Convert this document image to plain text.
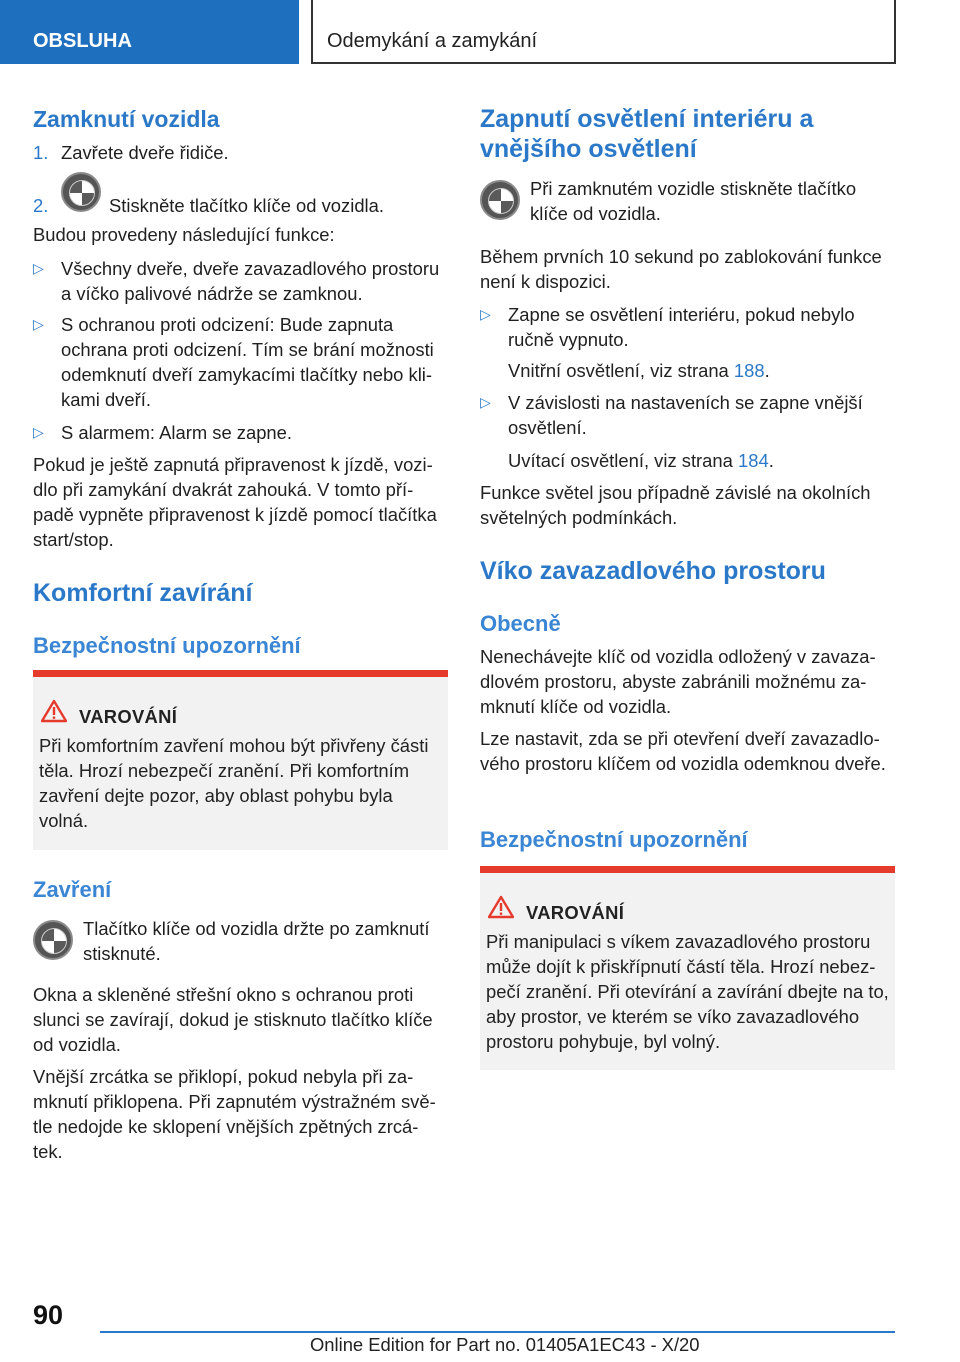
OBSLUHA	Odemykání a zamykání
Zamknutí vozidla
1. Zavřete dveře řidiče.
2.	Stiskněte tlačítko klíče od vozidla.
Budou provedeny následující funkce:
▷ Všechny dveře, dveře zavazadlového prostoru a víčko palivové nádrže se zamknou.
▷ S ochranou proti odcizení: Bude zapnuta ochrana proti odcizení. Tím se brání možnosti odemknutí dveří zamykacími tlačítky nebo kli-kami dveří.
▷ S alarmem: Alarm se zapne.
Pokud je ještě zapnutá připravenost k jízdě, vozi-dlo při zamykání dvakrát zahouká. V tomto pří-padě vypněte připravenost k jízdě pomocí tlačítka start/stop.
Komfortní zavírání
Bezpečnostní upozornění
VAROVÁNÍ
Při komfortním zavření mohou být přivřeny části těla. Hrozí nebezpečí zranění. Při komfortním zavření dejte pozor, aby oblast pohybu byla volná.
Zavření
Tlačítko klíče od vozidla držte po zamknutí stisknuté.
Okna a skleněné střešní okno s ochranou proti slunci se zavírají, dokud je stisknuto tlačítko klíče od vozidla.
Vnější zrcátka se přiklopí, pokud nebyla při za-mknutí přiklopena. Při zapnutém výstražném svě-tle nedojde ke sklopení vnějších zpětných zrcá-tek.
Zapnutí osvětlení interiéru a vnějšího osvětlení
Při zamknutém vozidle stiskněte tlačítko klíče od vozidla.
Během prvních 10 sekund po zablokování funkce není k dispozici.
▷ Zapne se osvětlení interiéru, pokud nebylo ručně vypnuto.
Vnitřní osvětlení, viz strana 188.
▷ V závislosti na nastaveních se zapne vnější osvětlení.
Uvítací osvětlení, viz strana 184.
Funkce světel jsou případně závislé na okolních světelných podmínkách.
Víko zavazadlového prostoru
Obecně
Nenechávejte klíč od vozidla odložený v zavaza-dlovém prostoru, abyste zabránili možnému za-mknutí klíče od vozidla.
Lze nastavit, zda se při otevření dveří zavazadlo-vého prostoru klíčem od vozidla odemknou dveře.
Bezpečnostní upozornění
VAROVÁNÍ
Při manipulaci s víkem zavazadlového prostoru může dojít k přiskřípnutí částí těla. Hrozí nebez-pečí zranění. Při otevírání a zavírání dbejte na to, aby prostor, ve kterém se víko zavazadlového prostoru pohybuje, byl volný.
90
Online Edition for Part no. 01405A1EC43 - X/20
